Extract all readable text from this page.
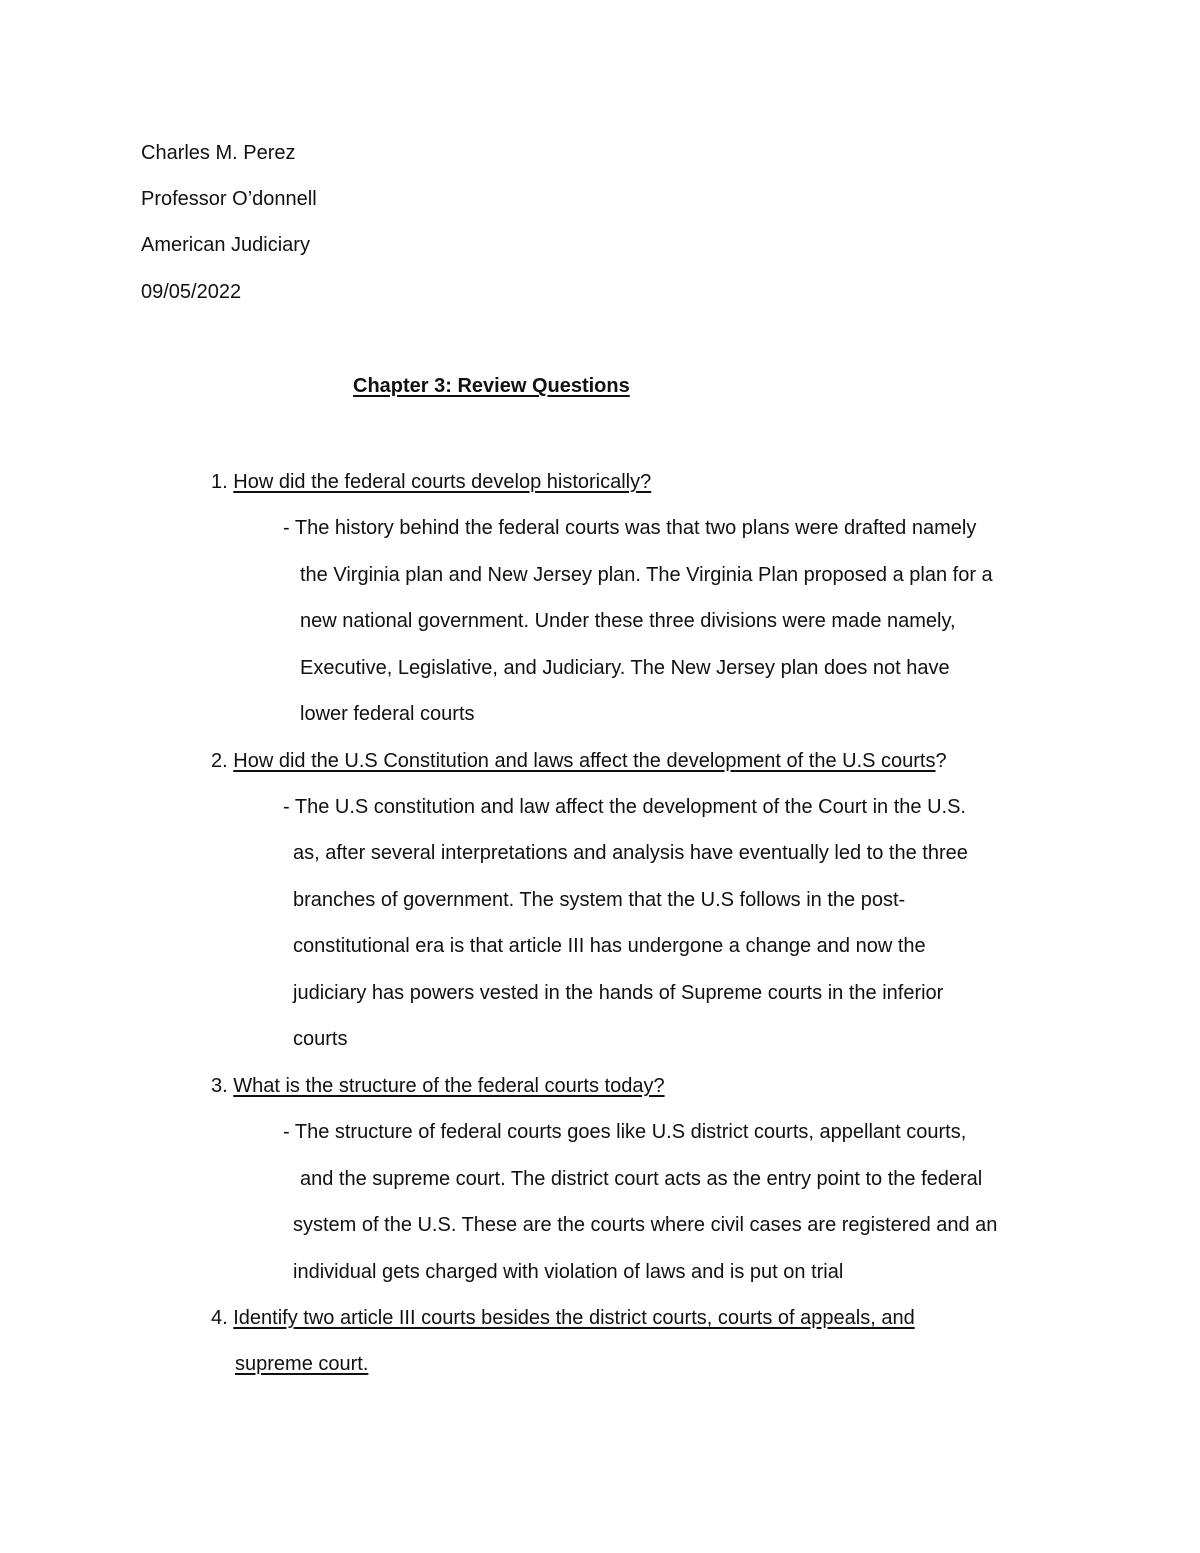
Charles M. Perez
Professor O’donnell
American Judiciary
09/05/2022
Chapter 3: Review Questions
1. How did the federal courts develop historically?
- The history behind the federal courts was that two plans were drafted namely
the Virginia plan and New Jersey plan. The Virginia Plan proposed a plan for a
new national government. Under these three divisions were made namely,
Executive, Legislative, and Judiciary. The New Jersey plan does not have
lower federal courts
2. How did the U.S Constitution and laws affect the development of the U.S courts?
- The U.S constitution and law affect the development of the Court in the U.S.
as, after several interpretations and analysis have eventually led to the three
branches of government. The system that the U.S follows in the post-
constitutional era is that article III has undergone a change and now the
judiciary has powers vested in the hands of Supreme courts in the inferior
courts
3. What is the structure of the federal courts today?
- The structure of federal courts goes like U.S district courts, appellant courts,
and the supreme court. The district court acts as the entry point to the federal
system of the U.S. These are the courts where civil cases are registered and an
individual gets charged with violation of laws and is put on trial
4. Identify two article III courts besides the district courts, courts of appeals, and
supreme court.
